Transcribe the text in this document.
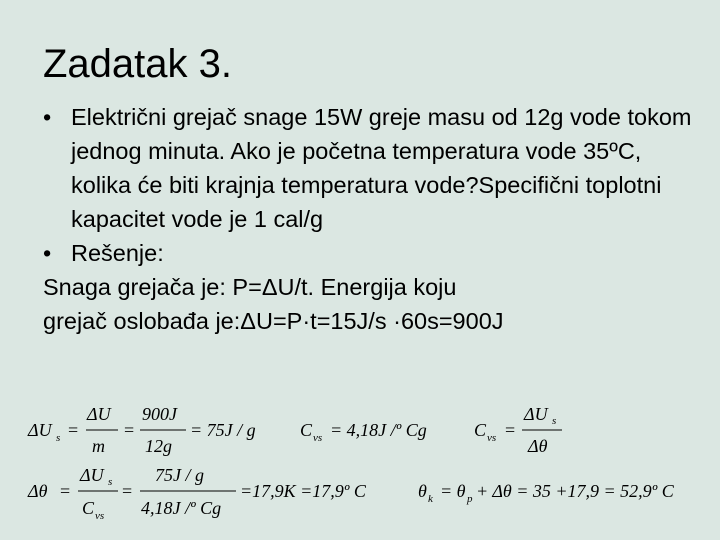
Zadatak 3.
• Električni grejač snage 15W greje masu od 12g vode tokom jednog minuta. Ako je početna temperatura vode 35ºC, kolika će biti krajnja temperatura vode?Specifični toplotni kapacitet vode je 1 cal/g
• Rešenje:
Snaga grejača je: P=ΔU/t. Energija koju
grejač oslobađa je:ΔU=P·t=15J/s ·60s=900J
ΔU s =
ΔU
m
=
900J
12g
= 75J / g C vs = 4,18J /º Cg	C vs =
ΔU s
Δθ
Δθ =
ΔU s
C vs
=
75J / g
4,18J /º Cg
=17,9K =17,9º C	θ k = θ p + Δθ = 35 +17,9 = 52,9º C
